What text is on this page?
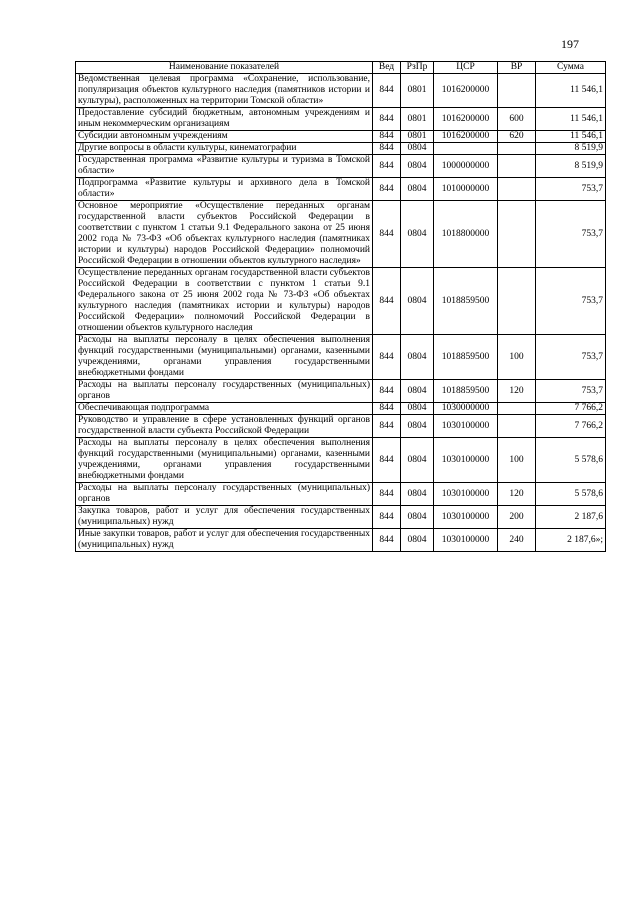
197
Наименование показателей	Вед	РзПр	ЦСР	ВР	Сумма
Ведомственная целевая программа «Сохранение, использование, популяризация объектов культурного наследия (памятников истории и культуры), расположенных на территории Томской области»	844	0801	1016200000		11 546,1
Предоставление субсидий бюджетным, автономным учреждениям и иным некоммерческим организациям	844	0801	1016200000	600	11 546,1
Субсидии автономным учреждениям	844	0801	1016200000	620	11 546,1
Другие вопросы в области культуры, кинематографии	844	0804			8 519,9
Государственная программа «Развитие культуры и туризма в Томской области»	844	0804	1000000000		8 519,9
Подпрограмма «Развитие культуры и архивного дела в Томской области»	844	0804	1010000000		753,7
Основное мероприятие «Осуществление переданных органам государственной власти субъектов Российской Федерации в соответствии с пунктом 1 статьи 9.1 Федерального закона от 25 июня 2002 года № 73-ФЗ «Об объектах культурного наследия (памятниках истории и культуры) народов Российской Федерации» полномочий Российской Федерации в отношении объектов культурного наследия»	844	0804	1018800000		753,7
Осуществление переданных органам государственной власти субъектов Российской Федерации в соответствии с пунктом 1 статьи 9.1 Федерального закона от 25 июня 2002 года № 73-ФЗ «Об объектах культурного наследия (памятниках истории и культуры) народов Российской Федерации» полномочий Российской Федерации в отношении объектов культурного наследия	844	0804	1018859500		753,7
Расходы на выплаты персоналу в целях обеспечения выполнения функций государственными (муниципальными) органами, казенными учреждениями, органами управления государственными внебюджетными фондами	844	0804	1018859500	100	753,7
Расходы на выплаты персоналу государственных (муниципальных) органов	844	0804	1018859500	120	753,7
Обеспечивающая подпрограмма	844	0804	1030000000		7 766,2
Руководство и управление в сфере установленных функций органов государственной власти субъекта Российской Федерации	844	0804	1030100000		7 766,2
Расходы на выплаты персоналу в целях обеспечения выполнения функций государственными (муниципальными) органами, казенными учреждениями, органами управления государственными внебюджетными фондами	844	0804	1030100000	100	5 578,6
Расходы на выплаты персоналу государственных (муниципальных) органов	844	0804	1030100000	120	5 578,6
Закупка товаров, работ и услуг для обеспечения государственных (муниципальных) нужд	844	0804	1030100000	200	2 187,6
Иные закупки товаров, работ и услуг для обеспечения государственных (муниципальных) нужд	844	0804	1030100000	240	2 187,6»;
